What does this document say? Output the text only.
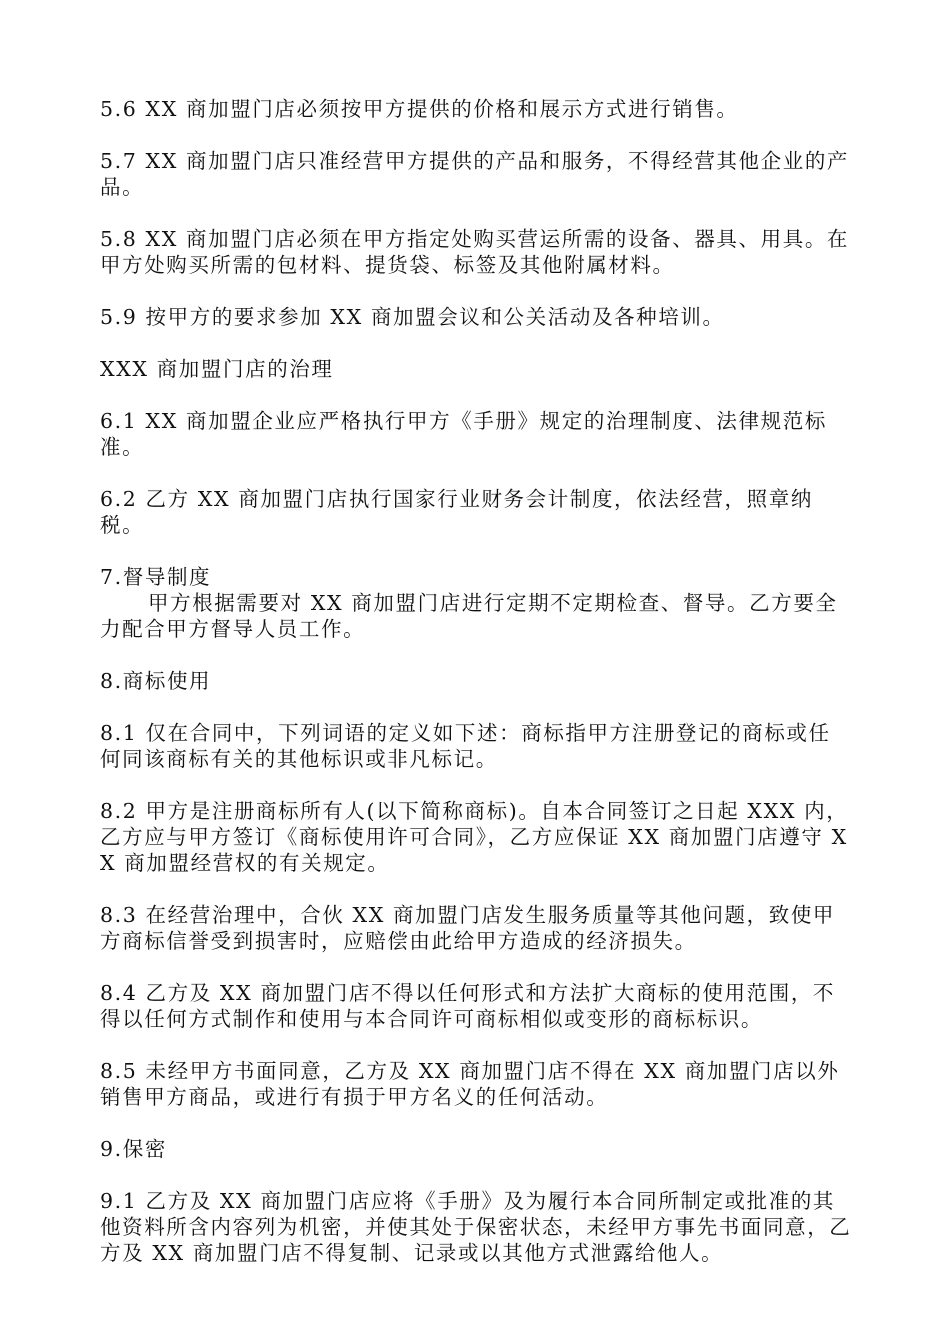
5.6 XX 商加盟门店必须按甲方提供的价格和展示方式进行销售。

5.7 XX 商加盟门店只准经营甲方提供的产品和服务，不得经营其他企业的产品。

5.8 XX 商加盟门店必须在甲方指定处购买营运所需的设备、器具、用具。在甲方处购买所需的包材料、提货袋、标签及其他附属材料。

5.9 按甲方的要求参加 XX 商加盟会议和公关活动及各种培训。

XXX 商加盟门店的治理

6.1 XX 商加盟企业应严格执行甲方《手册》规定的治理制度、法律规范标准。

6.2 乙方 XX 商加盟门店执行国家行业财务会计制度，依法经营，照章纳税。

7.督导制度

甲方根据需要对 XX 商加盟门店进行定期不定期检查、督导。乙方要全力配合甲方督导人员工作。

8.商标使用

8.1 仅在合同中，下列词语的定义如下述：商标指甲方注册登记的商标或任何同该商标有关的其他标识或非凡标记。

8.2 甲方是注册商标所有人(以下简称商标)。自本合同签订之日起 XXX 内，乙方应与甲方签订《商标使用许可合同》，乙方应保证 XX 商加盟门店遵守 XX 商加盟经营权的有关规定。

8.3 在经营治理中，合伙 XX 商加盟门店发生服务质量等其他问题，致使甲方商标信誉受到损害时，应赔偿由此给甲方造成的经济损失。

8.4 乙方及 XX 商加盟门店不得以任何形式和方法扩大商标的使用范围，不得以任何方式制作和使用与本合同许可商标相似或变形的商标标识。

8.5 未经甲方书面同意，乙方及 XX 商加盟门店不得在 XX 商加盟门店以外销售甲方商品，或进行有损于甲方名义的任何活动。

9.保密

9.1 乙方及 XX 商加盟门店应将《手册》及为履行本合同所制定或批准的其他资料所含内容列为机密，并使其处于保密状态，未经甲方事先书面同意，乙方及 XX 商加盟门店不得复制、记录或以其他方式泄露给他人。
